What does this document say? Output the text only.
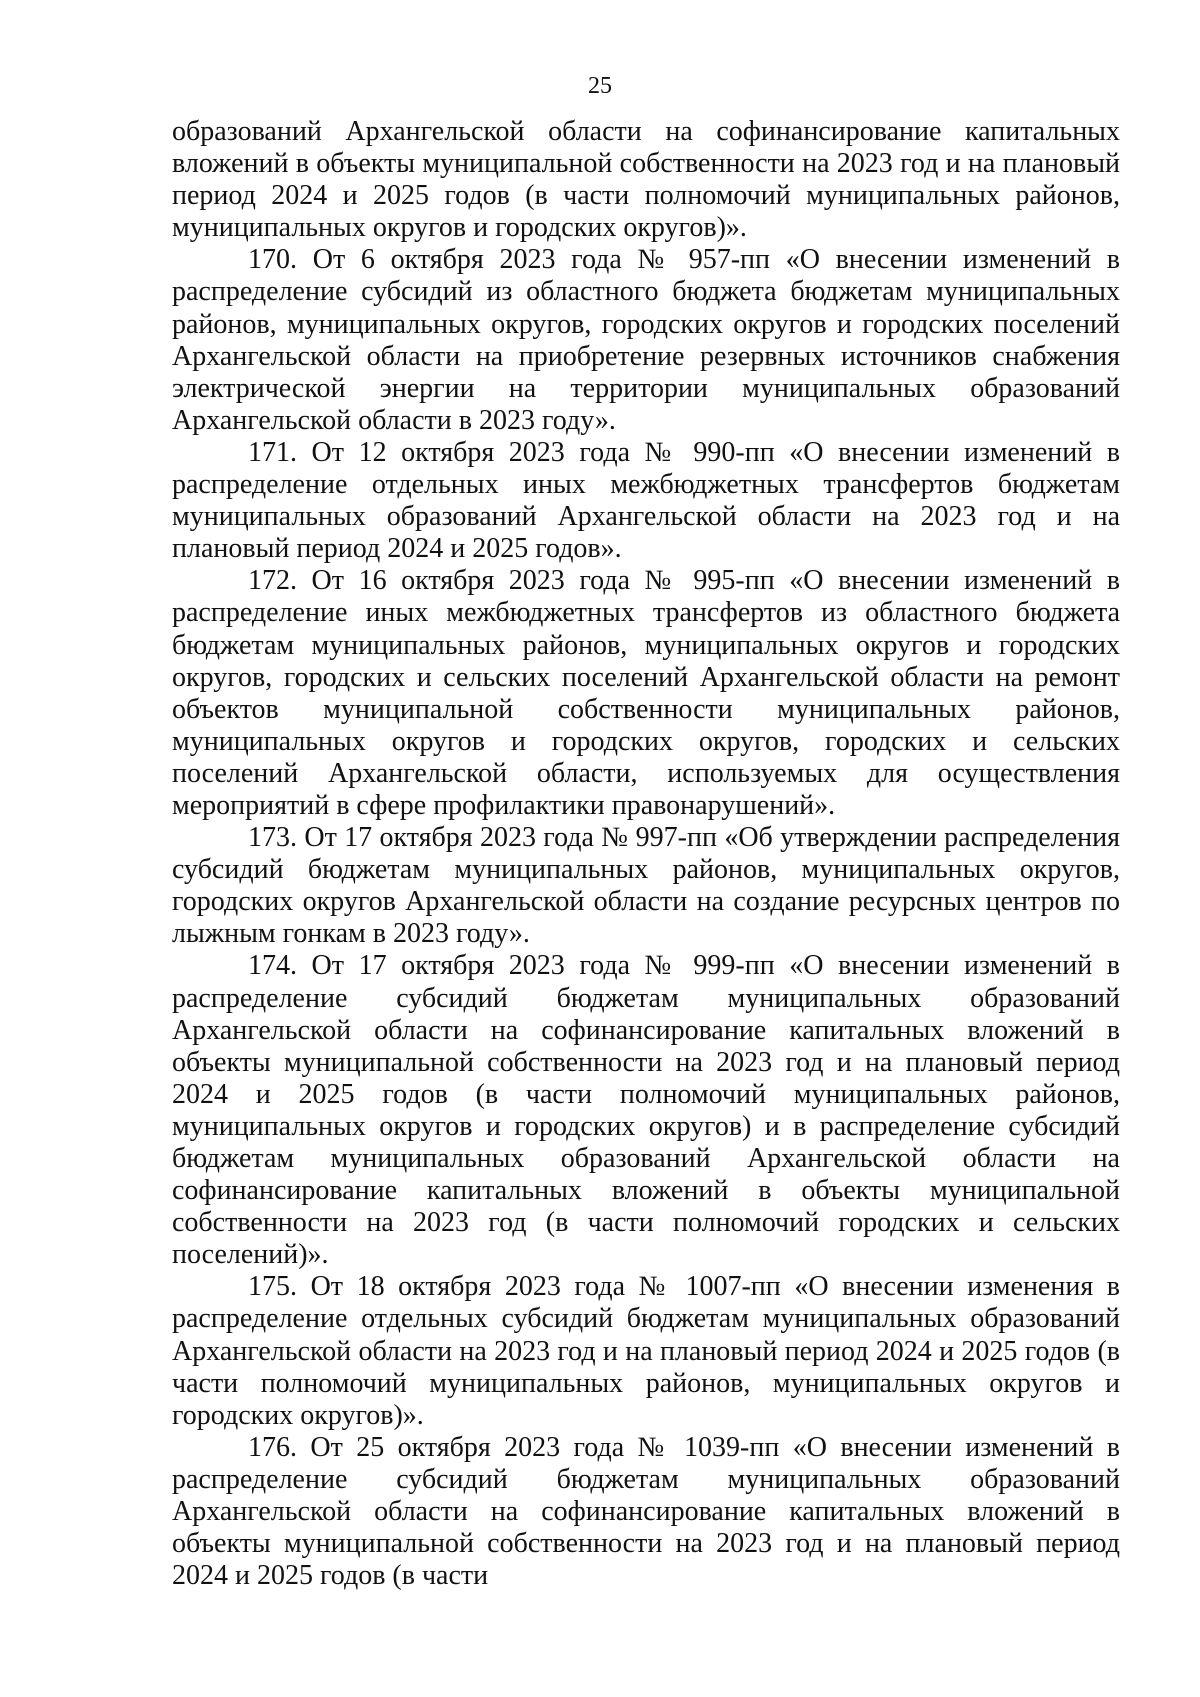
25

образований Архангельской области на софинансирование капитальных вложений в объекты муниципальной собственности на 2023 год и на плановый период 2024 и 2025 годов (в части полномочий муниципальных районов, муниципальных округов и городских округов)».

170. От 6 октября 2023 года № 957-пп «О внесении изменений в распределение субсидий из областного бюджета бюджетам муниципальных районов, муниципальных округов, городских округов и городских поселений Архангельской области на приобретение резервных источников снабжения электрической энергии на территории муниципальных образований Архангельской области в 2023 году».

171. От 12 октября 2023 года № 990-пп «О внесении изменений в распределение отдельных иных межбюджетных трансфертов бюджетам муниципальных образований Архангельской области на 2023 год и на плановый период 2024 и 2025 годов».

172. От 16 октября 2023 года № 995-пп «О внесении изменений в распределение иных межбюджетных трансфертов из областного бюджета бюджетам муниципальных районов, муниципальных округов и городских округов, городских и сельских поселений Архангельской области на ремонт объектов муниципальной собственности муниципальных районов, муниципальных округов и городских округов, городских и сельских поселений Архангельской области, используемых для осуществления мероприятий в сфере профилактики правонарушений».

173. От 17 октября 2023 года № 997-пп «Об утверждении распределения субсидий бюджетам муниципальных районов, муниципальных округов, городских округов Архангельской области на создание ресурсных центров по лыжным гонкам в 2023 году».

174. От 17 октября 2023 года № 999-пп «О внесении изменений в распределение субсидий бюджетам муниципальных образований Архангельской области на софинансирование капитальных вложений в объекты муниципальной собственности на 2023 год и на плановый период 2024 и 2025 годов (в части полномочий муниципальных районов, муниципальных округов и городских округов) и в распределение субсидий бюджетам муниципальных образований Архангельской области на софинансирование капитальных вложений в объекты муниципальной собственности на 2023 год (в части полномочий городских и сельских поселений)».

175. От 18 октября 2023 года № 1007-пп «О внесении изменения в распределение отдельных субсидий бюджетам муниципальных образований Архангельской области на 2023 год и на плановый период 2024 и 2025 годов (в части полномочий муниципальных районов, муниципальных округов и городских округов)».

176. От 25 октября 2023 года № 1039-пп «О внесении изменений в распределение субсидий бюджетам муниципальных образований Архангельской области на софинансирование капитальных вложений в объекты муниципальной собственности на 2023 год и на плановый период 2024 и 2025 годов (в части
